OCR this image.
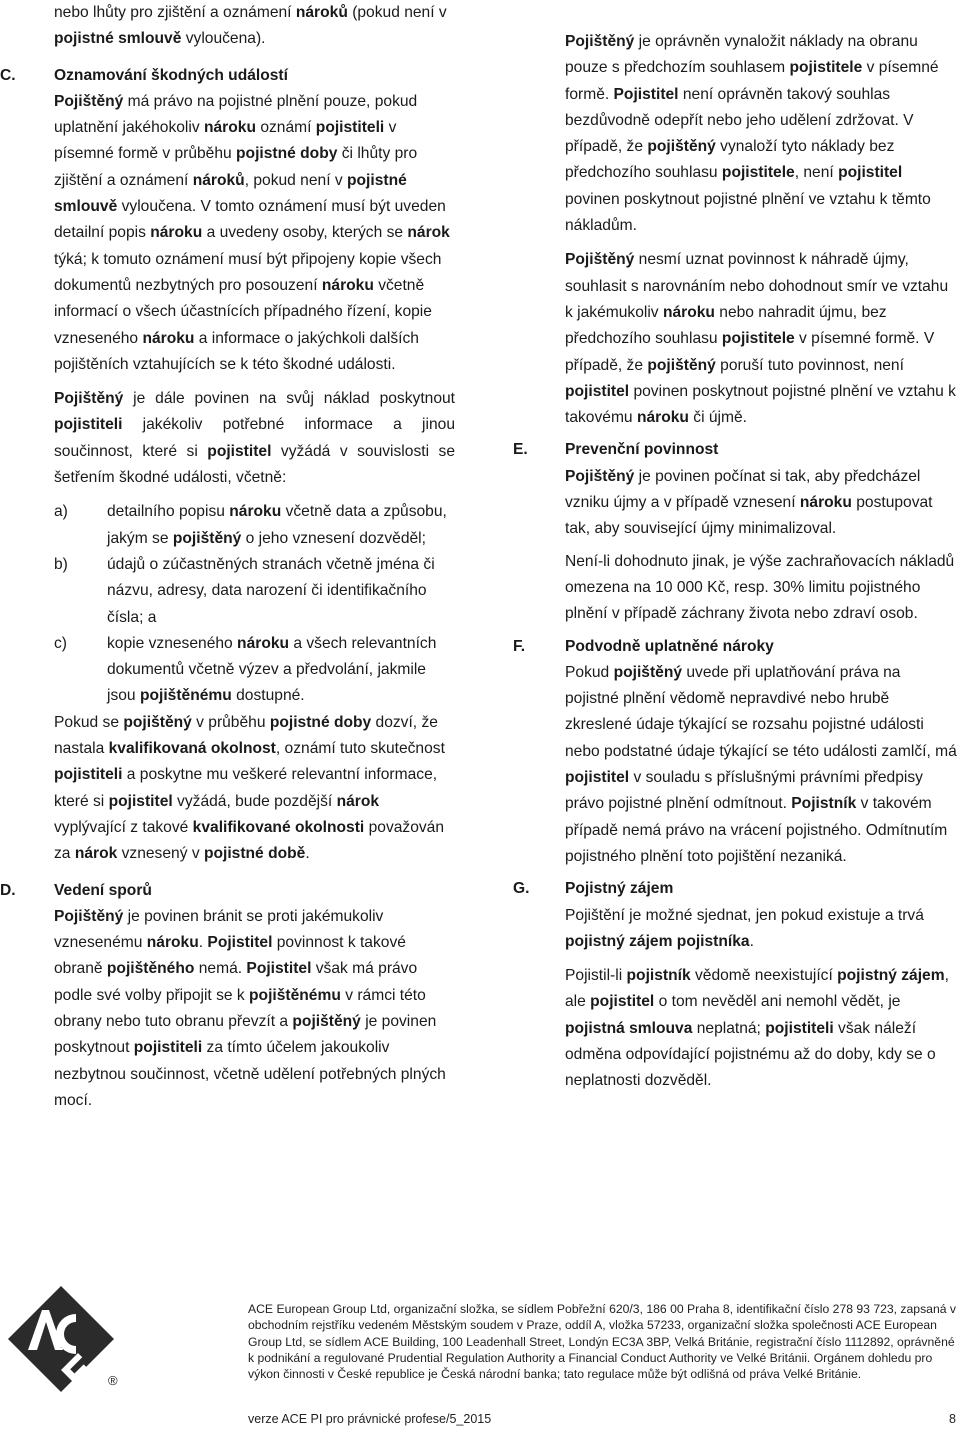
nebo lhůty pro zjištění a oznámení nároků (pokud není v pojistné smlouvě vyloučena).

C.	Oznamování škodných událostí

Pojištěný má právo na pojistné plnění pouze, pokud uplatnění jakéhokoliv nároku oznámí pojistiteli v písemné formě v průběhu pojistné doby či lhůty pro zjištění a oznámení nároků, pokud není v pojistné smlouvě vyloučena. V tomto oznámení musí být uveden detailní popis nároku a uvedeny osoby, kterých se nárok týká; k tomuto oznámení musí být připojeny kopie všech dokumentů nezbytných pro posouzení nároku včetně informací o všech účastnících případného řízení, kopie vzneseného nároku a informace o jakýchkoli dalších pojištěních vztahujících se k této škodné události.

Pojištěný je dále povinen na svůj náklad poskytnout pojistiteli jakékoliv potřebné informace a jinou součinnost, které si pojistitel vyžádá v souvislosti se šetřením škodné události, včetně:

a)	detailního popisu nároku včetně data a způsobu, jakým se pojištěný o jeho vznesení dozvěděl;
b)	údajů o zúčastněných stranách včetně jména či názvu, adresy, data narození či identifikačního čísla; a
c)	kopie vzneseného nároku a všech relevantních dokumentů včetně výzev a předvolání, jakmile jsou pojištěnému dostupné.

Pokud se pojištěný v průběhu pojistné doby dozví, že nastala kvalifikovaná okolnost, oznámí tuto skutečnost pojistiteli a poskytne mu veškeré relevantní informace, které si pojistitel vyžádá, bude pozdější nárok vyplývající z takové kvalifikované okolnosti považován za nárok vznesený v pojistné době.

D.	Vedení sporů

Pojištěný je povinen bránit se proti jakémukoliv vznesenému nároku. Pojistitel povinnost k takové obraně pojištěného nemá. Pojistitel však má právo podle své volby připojit se k pojištěnému v rámci této obrany nebo tuto obranu převzít a pojištěný je povinen poskytnout pojistiteli za tímto účelem jakoukoliv nezbytnou součinnost, včetně udělení potřebných plných mocí.

Pojištěný je oprávněn vynaložit náklady na obranu pouze s předchozím souhlasem pojistitele v písemné formě. Pojistitel není oprávněn takový souhlas bezdůvodně odepřít nebo jeho udělení zdržovat. V případě, že pojištěný vynaloží tyto náklady bez předchozího souhlasu pojistitele, není pojistitel povinen poskytnout pojistné plnění ve vztahu k těmto nákladům.

Pojištěný nesmí uznat povinnost k náhradě újmy, souhlasit s narovnáním nebo dohodnout smír ve vztahu k jakémukoliv nároku nebo nahradit újmu, bez předchozího souhlasu pojistitele v písemné formě. V případě, že pojištěný poruší tuto povinnost, není pojistitel povinen poskytnout pojistné plnění ve vztahu k takovému nároku či újmě.

E.	Prevenční povinnost

Pojištěný je povinen počínat si tak, aby předcházel vzniku újmy a v případě vznesení nároku postupovat tak, aby související újmy minimalizoval.

Není-li dohodnuto jinak, je výše zachraňovacích nákladů omezena na 10 000 Kč, resp. 30% limitu pojistného plnění v případě záchrany života nebo zdraví osob.

F.	Podvodně uplatněné nároky

Pokud pojištěný uvede při uplatňování práva na pojistné plnění vědomě nepravdivé nebo hrubě zkreslené údaje týkající se rozsahu pojistné události nebo podstatné údaje týkající se této události zamlčí, má pojistitel v souladu s příslušnými právními předpisy právo pojistné plnění odmítnout. Pojistník v takovém případě nemá právo na vrácení pojistného. Odmítnutím pojistného plnění toto pojištění nezaniká.

G.	Pojistný zájem

Pojištění je možné sjednat, jen pokud existuje a trvá pojistný zájem pojistníka.

Pojistil-li pojistník vědomě neexistující pojistný zájem, ale pojistitel o tom nevěděl ani nemohl vědět, je pojistná smlouva neplatná; pojistiteli však náleží odměna odpovídající pojistnému až do doby, kdy se o neplatnosti dozvěděl.

ACE
®

ACE European Group Ltd, organizační složka, se sídlem Pobřežní 620/3, 186 00 Praha 8, identifikační číslo 278 93 723, zapsaná v obchodním rejstříku vedeném Městským soudem v Praze, oddíl A, vložka 57233, organizační složka společnosti ACE European Group Ltd, se sídlem ACE Building, 100 Leadenhall Street, Londýn EC3A 3BP, Velká Británie, registrační číslo 1112892, oprávněné k podnikání a regulované Prudential Regulation Authority a Financial Conduct Authority ve Velké Británii. Orgánem dohledu pro výkon činnosti v České republice je Česká národní banka; tato regulace může být odlišná od práva Velké Británie.

verze ACE PI pro právnické profese/5_2015	8
